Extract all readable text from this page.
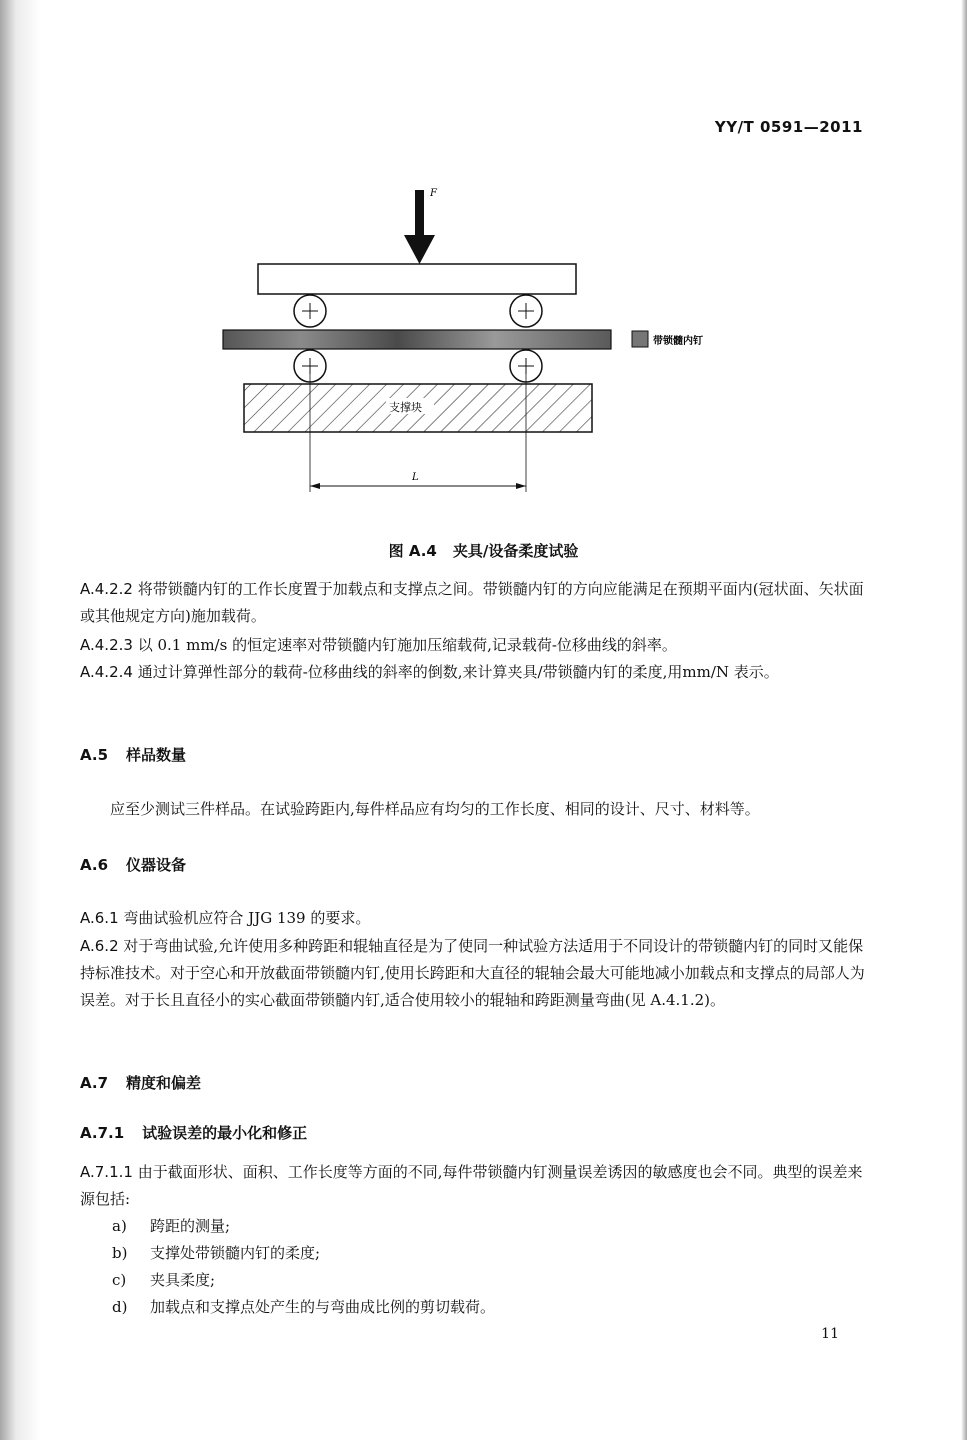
YY/T 0591—2011
F
带锁髓内钉
支撑块
L
图 A.4 夹具/设备柔度试验
A.4.2.2 将带锁髓内钉的工作长度置于加载点和支撑点之间。带锁髓内钉的方向应能满足在预期平面内(冠状面、矢状面或其他规定方向)施加载荷。
A.4.2.3 以 0.1 mm/s 的恒定速率对带锁髓内钉施加压缩载荷,记录载荷-位移曲线的斜率。
A.4.2.4 通过计算弹性部分的载荷-位移曲线的斜率的倒数,来计算夹具/带锁髓内钉的柔度,用mm/N 表示。
A.5 样品数量
应至少测试三件样品。在试验跨距内,每件样品应有均匀的工作长度、相同的设计、尺寸、材料等。
A.6 仪器设备
A.6.1 弯曲试验机应符合 JJG 139 的要求。
A.6.2 对于弯曲试验,允许使用多种跨距和辊轴直径是为了使同一种试验方法适用于不同设计的带锁髓内钉的同时又能保持标准技术。对于空心和开放截面带锁髓内钉,使用长跨距和大直径的辊轴会最大可能地减小加载点和支撑点的局部人为误差。对于长且直径小的实心截面带锁髓内钉,适合使用较小的辊轴和跨距测量弯曲(见 A.4.1.2)。
A.7 精度和偏差
A.7.1 试验误差的最小化和修正
A.7.1.1 由于截面形状、面积、工作长度等方面的不同,每件带锁髓内钉测量误差诱因的敏感度也会不同。典型的误差来源包括:
a) 跨距的测量;
b) 支撑处带锁髓内钉的柔度;
c) 夹具柔度;
d) 加载点和支撑点处产生的与弯曲成比例的剪切载荷。
11
